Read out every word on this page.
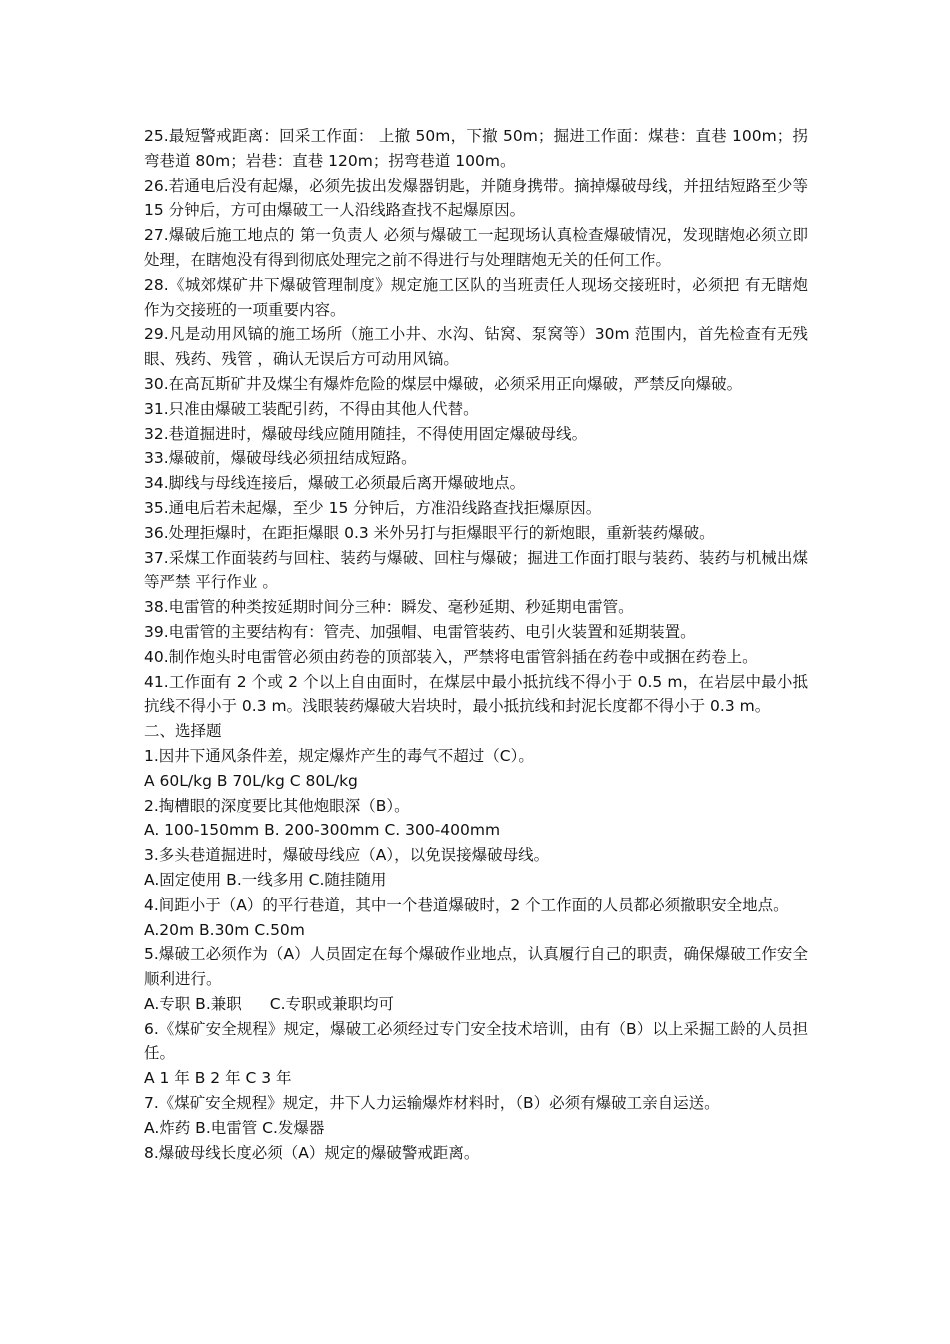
25.最短警戒距离：回采工作面： 上撤 50m，下撤 50m；掘进工作面：煤巷：直巷 100m；拐弯巷道 80m；岩巷：直巷 120m；拐弯巷道 100m。

26.若通电后没有起爆，必须先拔出发爆器钥匙，并随身携带。摘掉爆破母线，并扭结短路至少等 15 分钟后，方可由爆破工一人沿线路查找不起爆原因。

27.爆破后施工地点的 第一负责人 必须与爆破工一起现场认真检查爆破情况，发现瞎炮必须立即处理，在瞎炮没有得到彻底处理完之前不得进行与处理瞎炮无关的任何工作。

28.《城郊煤矿井下爆破管理制度》规定施工区队的当班责任人现场交接班时，必须把 有无瞎炮 作为交接班的一项重要内容。

29.凡是动用风镐的施工场所（施工小井、水沟、钻窝、泵窝等）30m 范围内，首先检查有无残眼、残药、残管 ，确认无误后方可动用风镐。

30.在高瓦斯矿井及煤尘有爆炸危险的煤层中爆破，必须采用正向爆破，严禁反向爆破。

31.只准由爆破工装配引药，不得由其他人代替。

32.巷道掘进时，爆破母线应随用随挂，不得使用固定爆破母线。

33.爆破前，爆破母线必须扭结成短路。

34.脚线与母线连接后，爆破工必须最后离开爆破地点。

35.通电后若未起爆，至少 15 分钟后，方准沿线路查找拒爆原因。

36.处理拒爆时，在距拒爆眼 0.3 米外另打与拒爆眼平行的新炮眼，重新装药爆破。

37.采煤工作面装药与回柱、装药与爆破、回柱与爆破；掘进工作面打眼与装药、装药与机械出煤等严禁 平行作业 。

38.电雷管的种类按延期时间分三种：瞬发、毫秒延期、秒延期电雷管。

39.电雷管的主要结构有：管壳、加强帽、电雷管装药、电引火装置和延期装置。

40.制作炮头时电雷管必须由药卷的顶部装入，严禁将电雷管斜插在药卷中或捆在药卷上。

41.工作面有 2 个或 2 个以上自由面时，在煤层中最小抵抗线不得小于 0.5 m，在岩层中最小抵抗线不得小于 0.3 m。浅眼装药爆破大岩块时，最小抵抗线和封泥长度都不得小于 0.3 m。

二、选择题

1.因井下通风条件差，规定爆炸产生的毒气不超过（C）。

A 60L/kg B 70L/kg C 80L/kg

2.掏槽眼的深度要比其他炮眼深（B）。

A. 100-150mm B. 200-300mm C. 300-400mm

3.多头巷道掘进时，爆破母线应（A），以免误接爆破母线。

A.固定使用 B.一线多用 C.随挂随用

4.间距小于（A）的平行巷道，其中一个巷道爆破时，2 个工作面的人员都必须撤职安全地点。

A.20m B.30m C.50m

5.爆破工必须作为（A）人员固定在每个爆破作业地点，认真履行自己的职责，确保爆破工作安全顺利进行。

A.专职 B.兼职 C.专职或兼职均可

6.《煤矿安全规程》规定，爆破工必须经过专门安全技术培训，由有（B）以上采掘工龄的人员担任。

A 1 年 B 2 年 C 3 年

7.《煤矿安全规程》规定，井下人力运输爆炸材料时，（B）必须有爆破工亲自运送。

A.炸药 B.电雷管 C.发爆器

8.爆破母线长度必须（A）规定的爆破警戒距离。
